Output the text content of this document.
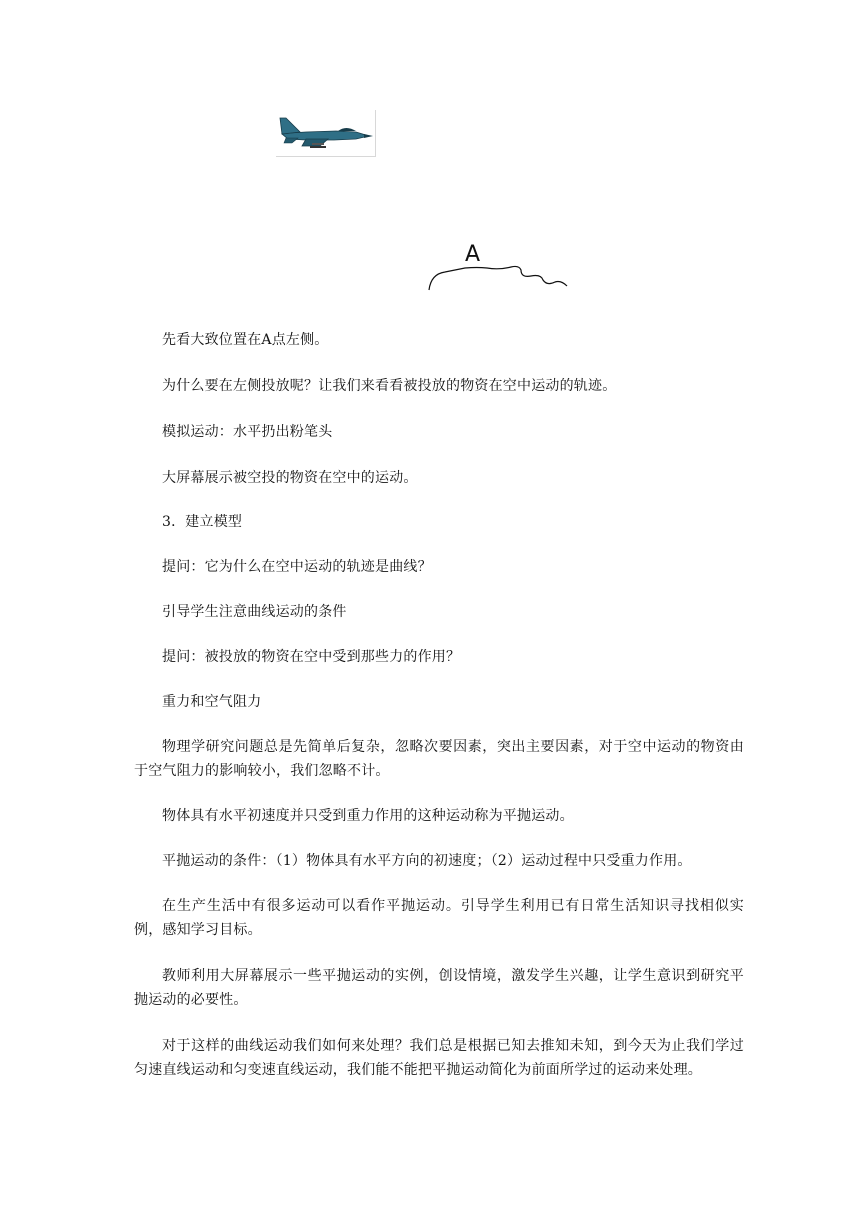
A

先看大致位置在A点左侧。

为什么要在左侧投放呢？让我们来看看被投放的物资在空中运动的轨迹。

模拟运动：水平扔出粉笔头

大屏幕展示被空投的物资在空中的运动。

3．建立模型

提问：它为什么在空中运动的轨迹是曲线？

引导学生注意曲线运动的条件

提问：被投放的物资在空中受到那些力的作用？

重力和空气阻力

物理学研究问题总是先简单后复杂，忽略次要因素，突出主要因素，对于空中运动的物资由于空气阻力的影响较小，我们忽略不计。

物体具有水平初速度并只受到重力作用的这种运动称为平抛运动。

平抛运动的条件：（1）物体具有水平方向的初速度；（2）运动过程中只受重力作用。

在生产生活中有很多运动可以看作平抛运动。引导学生利用已有日常生活知识寻找相似实例，感知学习目标。

教师利用大屏幕展示一些平抛运动的实例，创设情境，激发学生兴趣，让学生意识到研究平抛运动的必要性。

对于这样的曲线运动我们如何来处理？我们总是根据已知去推知未知，到今天为止我们学过匀速直线运动和匀变速直线运动，我们能不能把平抛运动简化为前面所学过的运动来处理。
